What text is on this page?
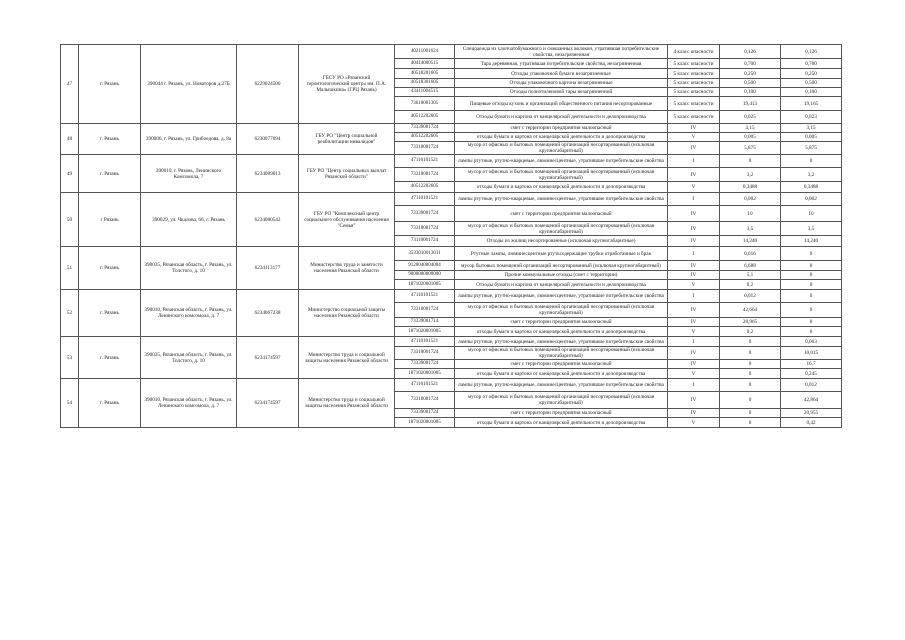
47	г. Рязань	390044 г. Рязань, ул. Новаторов д.27Б	6229024500	ГБСУ РО «Рязанский геронтологический центр» им. П.А. Малышкина» (ГРЦ Рязань)	40211001624	Спецодежда из хлопчатобумажного и смешанных волокон, утратившая потребительские свойства, незагрязненная	4 класс опасности	0,126	0,126
					40414000515	Тара деревянная, утратившая потребительские свойства, незагрязненная	5 класс опасности	0,700	0,700
					40518201605	Отходы упаковочной бумаги незагрязненные	5 класс опасности	0,250	0,250
					40518301605	Отходы упаковочного картона незагрязненные	5 класс опасности	0,500	0,500
					43411004515	Отходы полиэтиленовой тары незагрязненной	5 класс опасности	0,100	0,100
					73610001305	Пищевые отходы кухонь и организаций общественного питания несортированные	5 класс опасности	19,413	19,165
					40512202605	Отходы бумаги и картона от канцелярской деятельности и делопроизводства	5 класс опасности	0,025	0,023
48	г. Рязань	390006, г. Рязань, ул. Грибоедова, д. 8а	6230077094	ГБУ РО "Центр социальной реабилитации инвалидов"	73339001724	смет с территории предприятия малоопасный	IV	3,15	3,15
					40512202605	отходы бумаги и картона от канцелярской деятельности и делопроизводства	V	0,005	0,005
					73310001724	мусор от офисных и бытовых помещений организаций несортированный (исключая крупногабаритный)	IV	5,875	5,875
49	г. Рязань	390010, г. Рязань, Ленинского Комсомола, 7	6234089013	ГБУ РО "Центр социальных выплат Рязанской области"	47110101521	лампы ртутные, ртутно-кварцевые, люминесцентные, утратившие потребительские свойства	I	0	0
					73310001724	мусор от офисных и бытовых помещений организаций несортированный (исключая крупногабаритный)	IV	3,2	3,2
					40512202605	отходы бумаги и картона от канцелярской деятельности и делопроизводства	V	0,3488	0,3488
50	г Рязань	390029, ул. Чкалова, 66, г. Рязань	6234080542	ГБУ РО "Комплексный центр социального обслуживания населения "Семья"	47110101521	лампы ртутные, ртутно-кварцевые, люминесцентные, утратившие потребительские свойства	I	0,002	0,002
					73339001724	смет с территории предприятия малоопасный	IV	10	10
					73310001724	мусор от офисных и бытовых помещений организаций несортированный (исключая крупногабаритный)	IV	3,5	3,5
					73110001724	Отходы из жилищ несортированные (исключая крупногабаритные)	IV	14,240	14,240
51	г. Рязань	390035, Рязанская область, г. Рязань, ул. Толстого, д. 10	6234113177	Министерство труда и занятости населения Рязанской области	3533010013011	Ртутные лампы, люминесцентные ртутьсодержащие трубки отработанные и брак	I	0,016	0
					9120040004004	мусор бытовых помещений организаций несортированный (исключая крупногабаритный)	IV	6,688	0
					9000000000000	Прочие коммунальные отходы (смет с территории)	IV	5,1	0
					1871020001005	Отходы бумаги и картона от канцелярской деятельности и делопроизводства	V	0,2	0
52	г. Рязань	390010, Рязанская область, г. Рязань, ул. Ленинского комсомола, д. 7	6234067238	Министерство социальной защиты населения Рязанской области	47110101521	лампы ртутные, ртутно-кварцевые, люминесцентные, утратившие потребительские свойства	I	0,012	0
					73310001724	мусор от офисных и бытовых помещений организаций несортированный (исключая крупногабаритный)	IV	42,664	0
					73339001714	смет с территории предприятия малоопасный	IV	20,965	0
					1871020001005	отходы бумаги и картона от канцелярской деятельности и делопроизводства	V	0,2	0
53	г. Рязань	390035, Рязанская область, г. Рязань, ул. Толстого, д. 10	6234174597	Министерство труда и социальной защиты населения Рязанской области	47110101521	лампы ртутные, ртутно-кварцевые, люминесцентные, утратившие потребительские свойства	I	0	0,003
					73310001724	мусор от офисных и бытовых помещений организаций несортированный (исключая крупногабаритный)	IV	0	10,015
					73339001724	смет с территории предприятия малоопасный	IV	0	16,7
					1871020001005	отходы бумаги и картона от канцелярской деятельности и делопроизводства	V	0	0,245
54	г. Рязань	390010, Рязанская область, г. Рязань, ул. Ленинского комсомола, д. 7	6234174597	Министерство труда и социальной защиты населения Рязанской области	47110101521	лампы ртутные, ртутно-кварцевые, люминесцентные, утратившие потребительские свойства	I	0	0,012
					73310001724	мусор от офисных и бытовых помещений организаций несортированный (исключая крупногабаритный)	IV	0	42,864
					73339001724	смет с территории предприятия малоопасный	IV	0	20,955
					1871020001005	отходы бумаги и картона от канцелярской деятельности и делопроизводства	V	0	0,42
